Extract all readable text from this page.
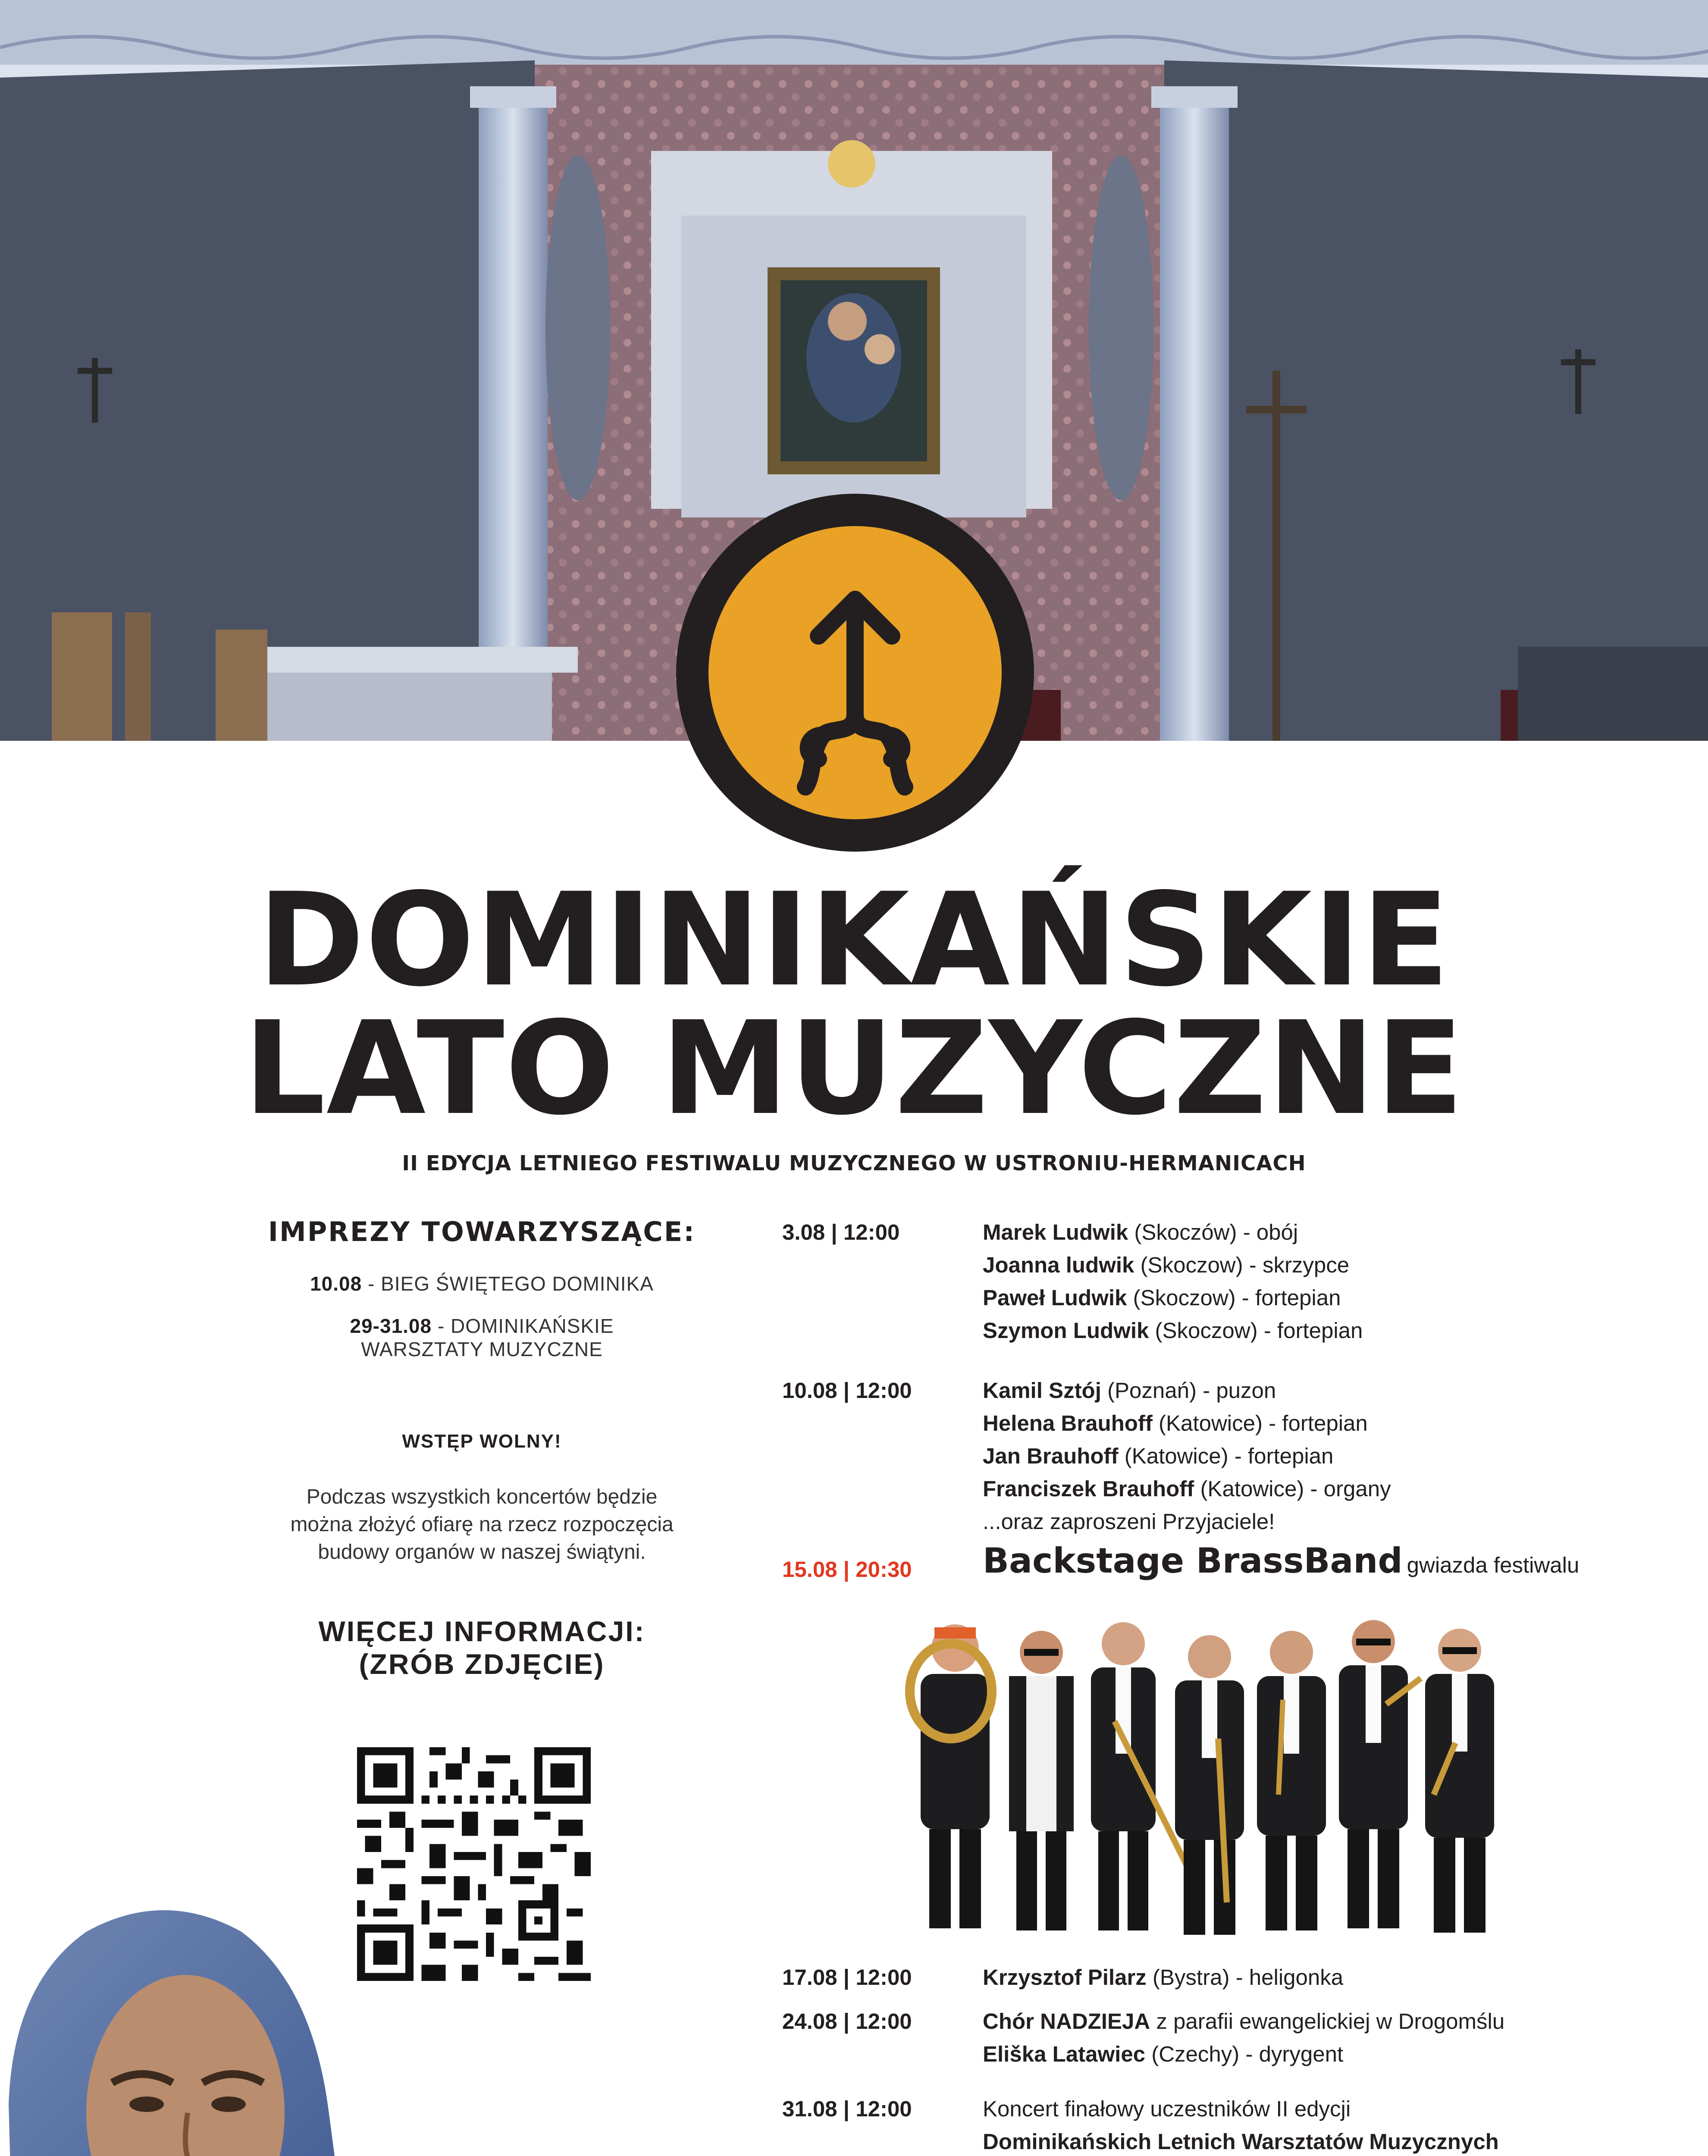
DOMINIKAŃSKIE
LATO MUZYCZNE
II EDYCJA LETNIEGO FESTIWALU MUZYCZNEGO W USTRONIU-HERMANICACH
IMPREZY TOWARZYSZĄCE:
10.08 - BIEG ŚWIĘTEGO DOMINIKA
29-31.08 - DOMINIKAŃSKIE
WARSZTATY MUZYCZNE
WSTĘP WOLNY!
Podczas wszystkich koncertów będzie
można złożyć ofiarę na rzecz rozpoczęcia
budowy organów w naszej świątyni.
WIĘCEJ INFORMACJI:
(ZRÓB ZDJĘCIE)
3.08 | 12:00	Marek Ludwik (Skoczów) - obój
Joanna ludwik (Skoczow) - skrzypce
Paweł Ludwik (Skoczow) - fortepian
Szymon Ludwik (Skoczow) - fortepian
10.08 | 12:00	Kamil Sztój (Poznań) - puzon
Helena Brauhoff (Katowice) - fortepian
Jan Brauhoff (Katowice) - fortepian
Franciszek Brauhoff (Katowice) - organy
...oraz zaproszeni Przyjaciele!
15.08 | 20:30 Backstage BrassBand gwiazda festiwalu
17.08 | 12:00	Krzysztof Pilarz (Bystra) - heligonka
24.08 | 12:00	Chór NADZIEJA z parafii ewangelickiej w Drogomślu
Eliška Latawiec (Czechy) - dyrygent
31.08 | 12:00	Koncert finałowy uczestników II edycji
Dominikańskich Letnich Warsztatów Muzycznych
